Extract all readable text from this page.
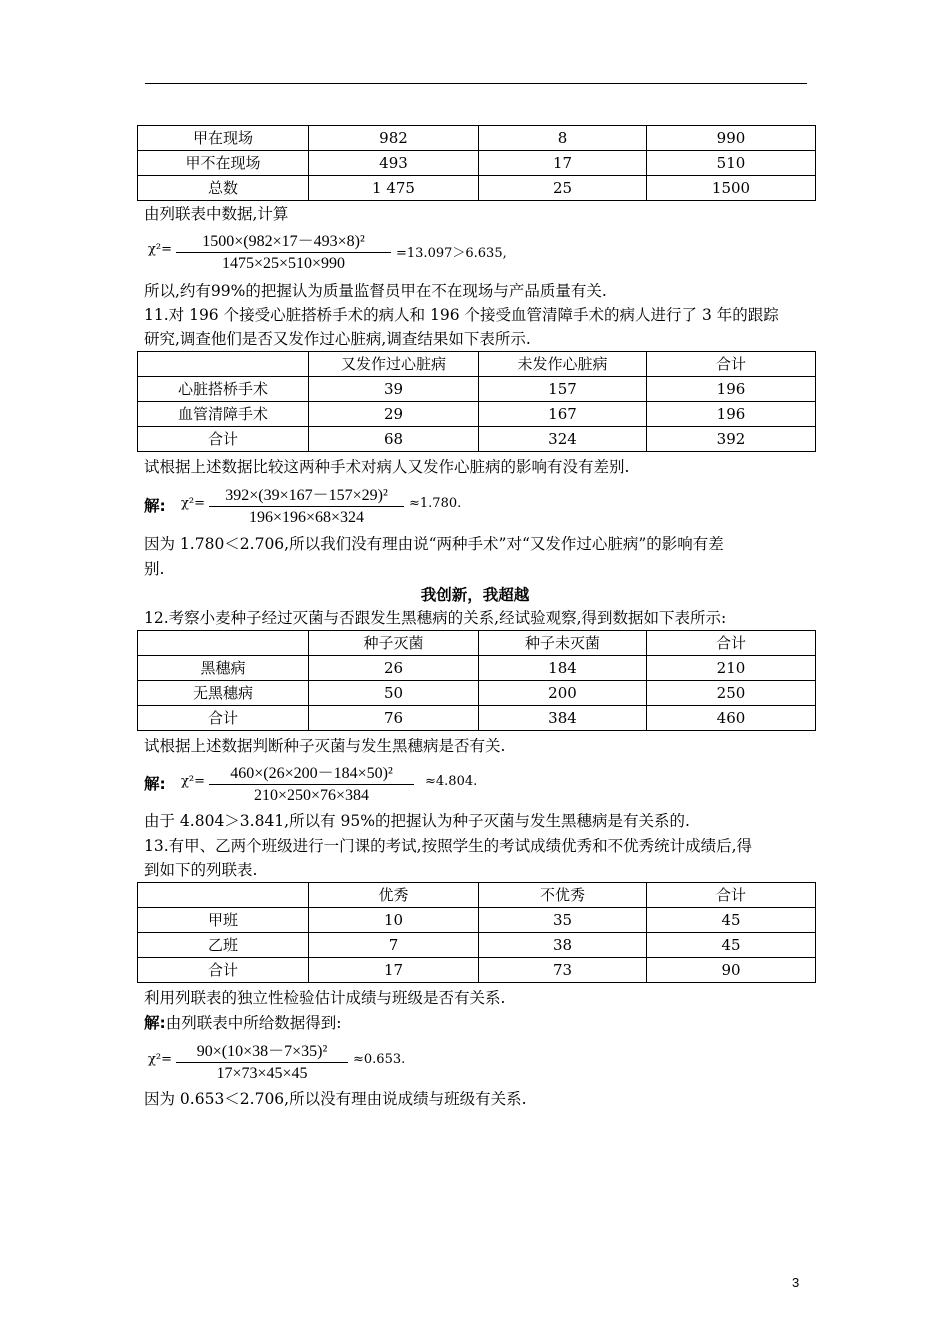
甲在现场	982	8	990
甲不在现场	493	17	510
总数	1 475	25	1500
由列联表中数据,计算
χ²=	1500×(982×17－493×8)²
1475×25×510×990
=13.097＞6.635,
所以,约有99%的把握认为质量监督员甲在不在现场与产品质量有关.
11.对 196 个接受心脏搭桥手术的病人和 196 个接受血管清障手术的病人进行了 3 年的跟踪
研究,调查他们是否又发作过心脏病,调查结果如下表所示.
	又发作过心脏病	未发作心脏病	合计
心脏搭桥手术	39	157	196
血管清障手术	29	167	196
合计	68	324	392
试根据上述数据比较这两种手术对病人又发作心脏病的影响有没有差别.
解: χ²=	392×(39×167－157×29)²
196×196×68×324
≈1.780.
因为 1.780＜2.706,所以我们没有理由说“两种手术”对“又发作过心脏病”的影响有差
别.
我创新，我超越
12.考察小麦种子经过灭菌与否跟发生黑穗病的关系,经试验观察,得到数据如下表所示:
	种子灭菌	种子未灭菌	合计
黑穗病	26	184	210
无黑穗病	50	200	250
合计	76	384	460
试根据上述数据判断种子灭菌与发生黑穗病是否有关.
解: χ²=	460×(26×200－184×50)²
210×250×76×384
≈4.804.
由于 4.804＞3.841,所以有 95%的把握认为种子灭菌与发生黑穗病是有关系的.
13.有甲、乙两个班级进行一门课的考试,按照学生的考试成绩优秀和不优秀统计成绩后,得
到如下的列联表.
	优秀	不优秀	合计
甲班	10	35	45
乙班	7	38	45
合计	17	73	90
利用列联表的独立性检验估计成绩与班级是否有关系.
解:由列联表中所给数据得到:
χ²=	90×(10×38－7×35)²
17×73×45×45
≈0.653.
因为 0.653＜2.706,所以没有理由说成绩与班级有关系.
3
